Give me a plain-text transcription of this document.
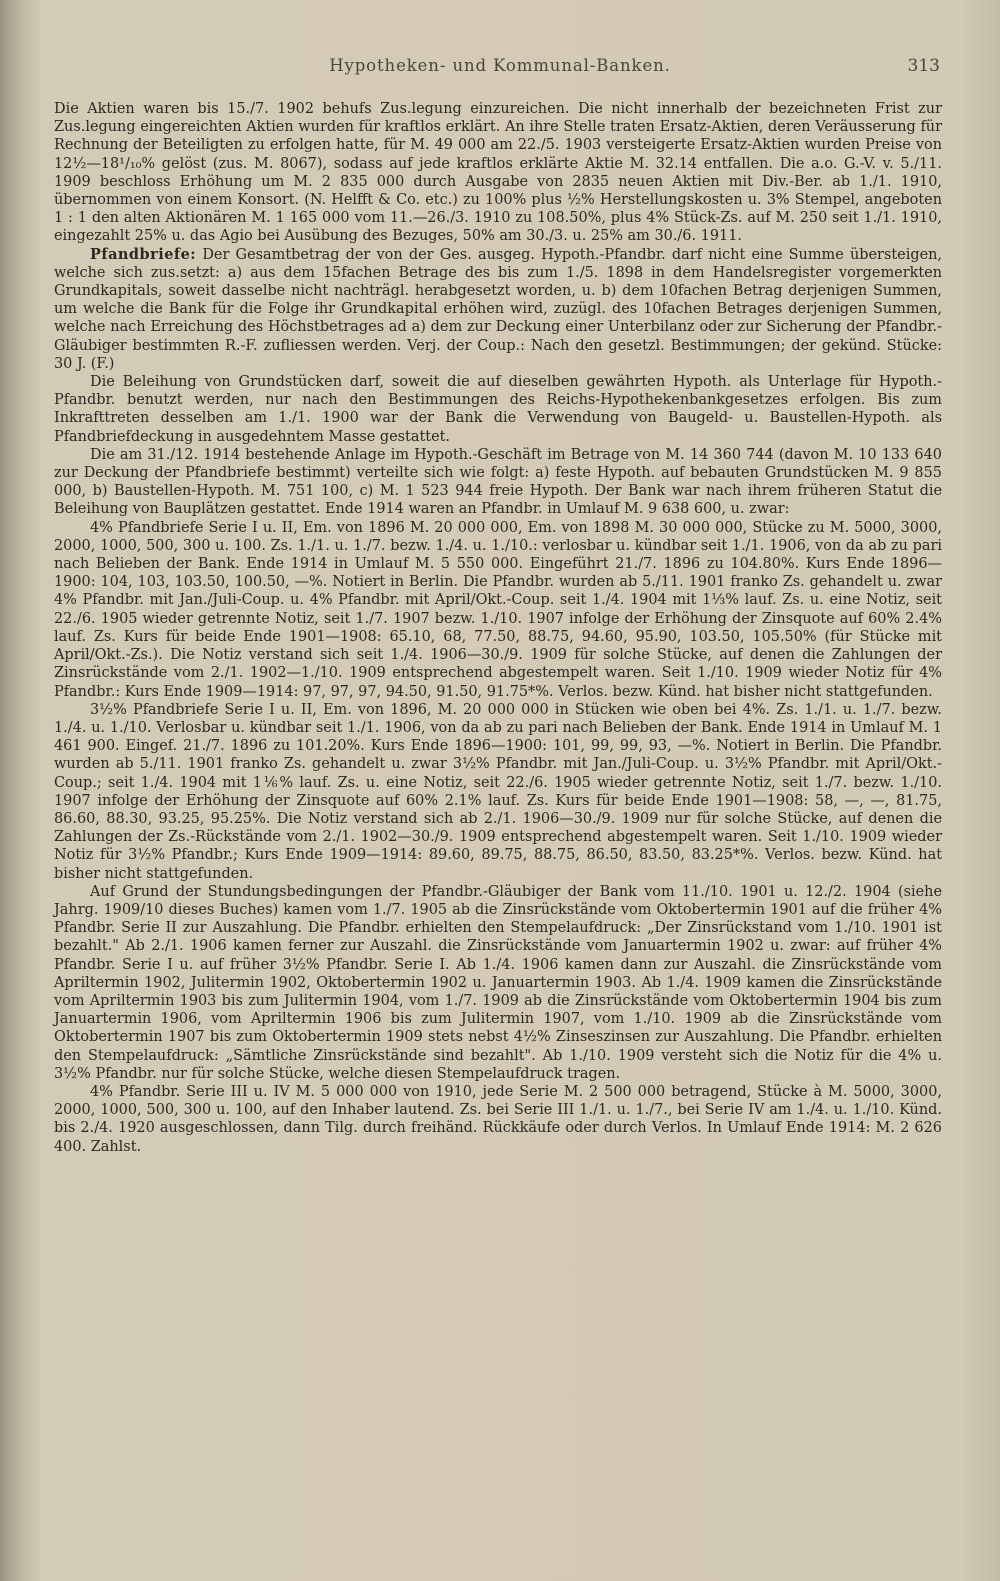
Hypotheken- und Kommunal-Banken.	313

Die Aktien waren bis 15./7. 1902 behufs Zus.legung einzureichen. Die nicht innerhalb der bezeichneten Frist zur Zus.legung eingereichten Aktien wurden für kraftlos erklärt. An ihre Stelle traten Ersatz-Aktien, deren Veräusserung für Rechnung der Beteiligten zu erfolgen hatte, für M. 49 000 am 22./5. 1903 versteigerte Ersatz-Aktien wurden Preise von 12½—18¹/₁₀% gelöst (zus. M. 8067), sodass auf jede kraftlos erklärte Aktie M. 32.14 entfallen. Die a.o. G.-V. v. 5./11. 1909 beschloss Erhöhung um M. 2 835 000 durch Ausgabe von 2835 neuen Aktien mit Div.-Ber. ab 1./1. 1910, übernommen von einem Konsort. (N. Helfft & Co. etc.) zu 100% plus ½% Herstellungskosten u. 3% Stempel, angeboten 1 : 1 den alten Aktionären M. 1 165 000 vom 11.—26./3. 1910 zu 108.50%, plus 4% Stück-Zs. auf M. 250 seit 1./1. 1910, eingezahlt 25% u. das Agio bei Ausübung des Bezuges, 50% am 30./3. u. 25% am 30./6. 1911.

Pfandbriefe: Der Gesamtbetrag der von der Ges. ausgeg. Hypoth.-Pfandbr. darf nicht eine Summe übersteigen, welche sich zus.setzt: a) aus dem 15fachen Betrage des bis zum 1./5. 1898 in dem Handelsregister vorgemerkten Grundkapitals, soweit dasselbe nicht nachträgl. herabgesetzt worden, u. b) dem 10fachen Betrag derjenigen Summen, um welche die Bank für die Folge ihr Grundkapital erhöhen wird, zuzügl. des 10fachen Betrages derjenigen Summen, welche nach Erreichung des Höchstbetrages ad a) dem zur Deckung einer Unterbilanz oder zur Sicherung der Pfandbr.-Gläubiger bestimmten R.-F. zufliessen werden. Verj. der Coup.: Nach den gesetzl. Bestimmungen; der gekünd. Stücke: 30 J. (F.)

Die Beleihung von Grundstücken darf, soweit die auf dieselben gewährten Hypoth. als Unterlage für Hypoth.-Pfandbr. benutzt werden, nur nach den Bestimmungen des Reichs-Hypothekenbankgesetzes erfolgen. Bis zum Inkrafttreten desselben am 1./1. 1900 war der Bank die Verwendung von Baugeld- u. Baustellen-Hypoth. als Pfandbriefdeckung in ausgedehntem Masse gestattet.

Die am 31./12. 1914 bestehende Anlage im Hypoth.-Geschäft im Betrage von M. 14 360 744 (davon M. 10 133 640 zur Deckung der Pfandbriefe bestimmt) verteilte sich wie folgt: a) feste Hypoth. auf bebauten Grundstücken M. 9 855 000, b) Baustellen-Hypoth. M. 751 100, c) M. 1 523 944 freie Hypoth. Der Bank war nach ihrem früheren Statut die Beleihung von Bauplätzen gestattet. Ende 1914 waren an Pfandbr. in Umlauf M. 9 638 600, u. zwar:

4% Pfandbriefe Serie I u. II, Em. von 1896 M. 20 000 000, Em. von 1898 M. 30 000 000, Stücke zu M. 5000, 3000, 2000, 1000, 500, 300 u. 100. Zs. 1./1. u. 1./7. bezw. 1./4. u. 1./10.: verlosbar u. kündbar seit 1./1. 1906, von da ab zu pari nach Belieben der Bank. Ende 1914 in Umlauf M. 5 550 000. Eingeführt 21./7. 1896 zu 104.80%. Kurs Ende 1896—1900: 104, 103, 103.50, 100.50, —%. Notiert in Berlin. Die Pfandbr. wurden ab 5./11. 1901 franko Zs. gehandelt u. zwar 4% Pfandbr. mit Jan./Juli-Coup. u. 4% Pfandbr. mit April/Okt.-Coup. seit 1./4. 1904 mit 1⅓% lauf. Zs. u. eine Notiz, seit 22./6. 1905 wieder getrennte Notiz, seit 1./7. 1907 bezw. 1./10. 1907 infolge der Erhöhung der Zinsquote auf 60% 2.4% lauf. Zs. Kurs für beide Ende 1901—1908: 65.10, 68, 77.50, 88.75, 94.60, 95.90, 103.50, 105.50% (für Stücke mit April/Okt.-Zs.). Die Notiz verstand sich seit 1./4. 1906—30./9. 1909 für solche Stücke, auf denen die Zahlungen der Zinsrückstände vom 2./1. 1902—1./10. 1909 entsprechend abgestempelt waren. Seit 1./10. 1909 wieder Notiz für 4% Pfandbr.: Kurs Ende 1909—1914: 97, 97, 97, 94.50, 91.50, 91.75*%. Verlos. bezw. Künd. hat bisher nicht stattgefunden.

3½% Pfandbriefe Serie I u. II, Em. von 1896, M. 20 000 000 in Stücken wie oben bei 4%. Zs. 1./1. u. 1./7. bezw. 1./4. u. 1./10. Verlosbar u. kündbar seit 1./1. 1906, von da ab zu pari nach Belieben der Bank. Ende 1914 in Umlauf M. 1 461 900. Eingef. 21./7. 1896 zu 101.20%. Kurs Ende 1896—1900: 101, 99, 99, 93, —%. Notiert in Berlin. Die Pfandbr. wurden ab 5./11. 1901 franko Zs. gehandelt u. zwar 3½% Pfandbr. mit Jan./Juli-Coup. u. 3½% Pfandbr. mit April/Okt.-Coup.; seit 1./4. 1904 mit 1⅙% lauf. Zs. u. eine Notiz, seit 22./6. 1905 wieder getrennte Notiz, seit 1./7. bezw. 1./10. 1907 infolge der Erhöhung der Zinsquote auf 60% 2.1% lauf. Zs. Kurs für beide Ende 1901—1908: 58, —, —, 81.75, 86.60, 88.30, 93.25, 95.25%. Die Notiz verstand sich ab 2./1. 1906—30./9. 1909 nur für solche Stücke, auf denen die Zahlungen der Zs.-Rückstände vom 2./1. 1902—30./9. 1909 entsprechend abgestempelt waren. Seit 1./10. 1909 wieder Notiz für 3½% Pfandbr.; Kurs Ende 1909—1914: 89.60, 89.75, 88.75, 86.50, 83.50, 83.25*%. Verlos. bezw. Künd. hat bisher nicht stattgefunden.

Auf Grund der Stundungsbedingungen der Pfandbr.-Gläubiger der Bank vom 11./10. 1901 u. 12./2. 1904 (siehe Jahrg. 1909/10 dieses Buches) kamen vom 1./7. 1905 ab die Zinsrückstände vom Oktobertermin 1901 auf die früher 4% Pfandbr. Serie II zur Auszahlung. Die Pfandbr. erhielten den Stempelaufdruck: „Der Zinsrückstand vom 1./10. 1901 ist bezahlt." Ab 2./1. 1906 kamen ferner zur Auszahl. die Zinsrückstände vom Januartermin 1902 u. zwar: auf früher 4% Pfandbr. Serie I u. auf früher 3½% Pfandbr. Serie I. Ab 1./4. 1906 kamen dann zur Auszahl. die Zinsrückstände vom Apriltermin 1902, Julitermin 1902, Oktobertermin 1902 u. Januartermin 1903. Ab 1./4. 1909 kamen die Zinsrückstände vom Apriltermin 1903 bis zum Julitermin 1904, vom 1./7. 1909 ab die Zinsrückstände vom Oktobertermin 1904 bis zum Januartermin 1906, vom Apriltermin 1906 bis zum Julitermin 1907, vom 1./10. 1909 ab die Zinsrückstände vom Oktobertermin 1907 bis zum Oktobertermin 1909 stets nebst 4½% Zinseszinsen zur Auszahlung. Die Pfandbr. erhielten den Stempelaufdruck: „Sämtliche Zinsrückstände sind bezahlt". Ab 1./10. 1909 versteht sich die Notiz für die 4% u. 3½% Pfandbr. nur für solche Stücke, welche diesen Stempelaufdruck tragen.

4% Pfandbr. Serie III u. IV M. 5 000 000 von 1910, jede Serie M. 2 500 000 betragend, Stücke à M. 5000, 3000, 2000, 1000, 500, 300 u. 100, auf den Inhaber lautend. Zs. bei Serie III 1./1. u. 1./7., bei Serie IV am 1./4. u. 1./10. Künd. bis 2./4. 1920 ausgeschlossen, dann Tilg. durch freihänd. Rückkäufe oder durch Verlos. In Umlauf Ende 1914: M. 2 626 400. Zahlst.
